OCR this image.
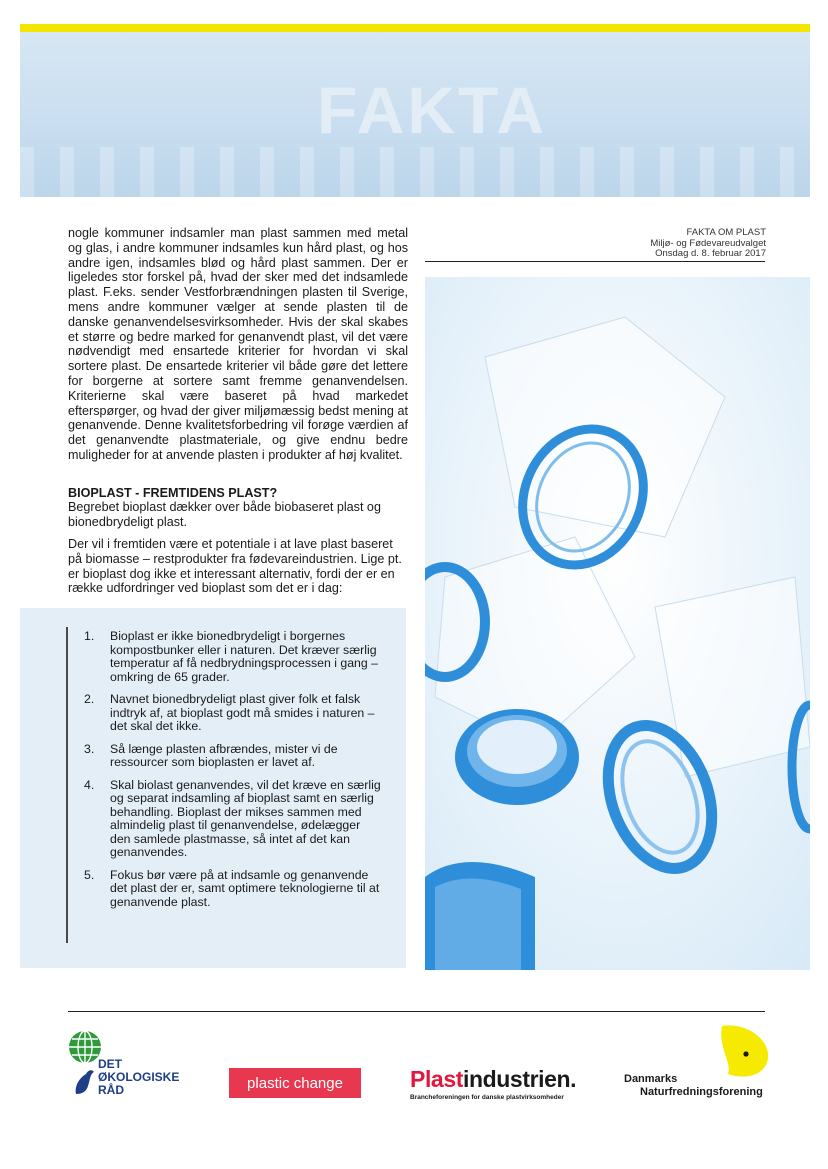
FAKTA

nogle kommuner indsamler man plast sammen med metal og glas, i andre kommuner indsamles kun hård plast, og hos andre igen, indsamles blød og hård plast sammen. Der er ligeledes stor forskel på, hvad der sker med det indsamlede plast. F.eks. sender Vestforbrændningen plasten til Sverige, mens andre kommuner vælger at sende plasten til de danske genanvendelsesvirksomheder. Hvis der skal skabes et større og bedre marked for genanvendt plast, vil det være nødvendigt med ensartede kriterier for hvordan vi skal sortere plast. De ensartede kriterier vil både gøre det lettere for borgerne at sortere samt fremme genanvendelsen. Kriterierne skal være baseret på hvad markedet efterspørger, og hvad der giver miljømæssig bedst mening at genanvende. Denne kvalitetsforbedring vil forøge værdien af det genanvendte plastmateriale, og give endnu bedre muligheder for at anvende plasten i produkter af høj kvalitet.

BIOPLAST - FREMTIDENS PLAST?

Begrebet bioplast dækker over både biobaseret plast og bionedbrydeligt plast.

Der vil i fremtiden være et potentiale i at lave plast baseret på biomasse – restprodukter fra fødevareindustrien. Lige pt. er bioplast dog ikke et interessant alternativ, fordi der er en række udfordringer ved bioplast som det er i dag:

1.	Bioplast er ikke bionedbrydeligt i borgernes kompostbunker eller i naturen. Det kræver særlig temperatur af få nedbrydningsprocessen i gang – omkring de 65 grader.
2.	Navnet bionedbrydeligt plast giver folk et falsk indtryk af, at bioplast godt må smides i naturen – det skal det ikke.
3.	Så længe plasten afbrændes, mister vi de ressourcer som bioplasten er lavet af.
4.	Skal biolast genanvendes, vil det kræve en særlig og separat indsamling af bioplast samt en særlig behandling. Bioplast der mikses sammen med almindelig plast til genanvendelse, ødelægger den samlede plastmasse, så intet af det kan genanvendes.
5.	Fokus bør være på at indsamle og genanvende det plast der er, samt optimere teknologierne til at genanvende plast.
FAKTA OM PLAST
Miljø- og Fødevareudvalget
Onsdag d. 8. februar 2017
DET
ØKOLOGISKE
RÅD	plastic change	Plastindustrien.
Brancheforeningen for danske plastvirksomheder
Danmarks
Naturfredningsforening
